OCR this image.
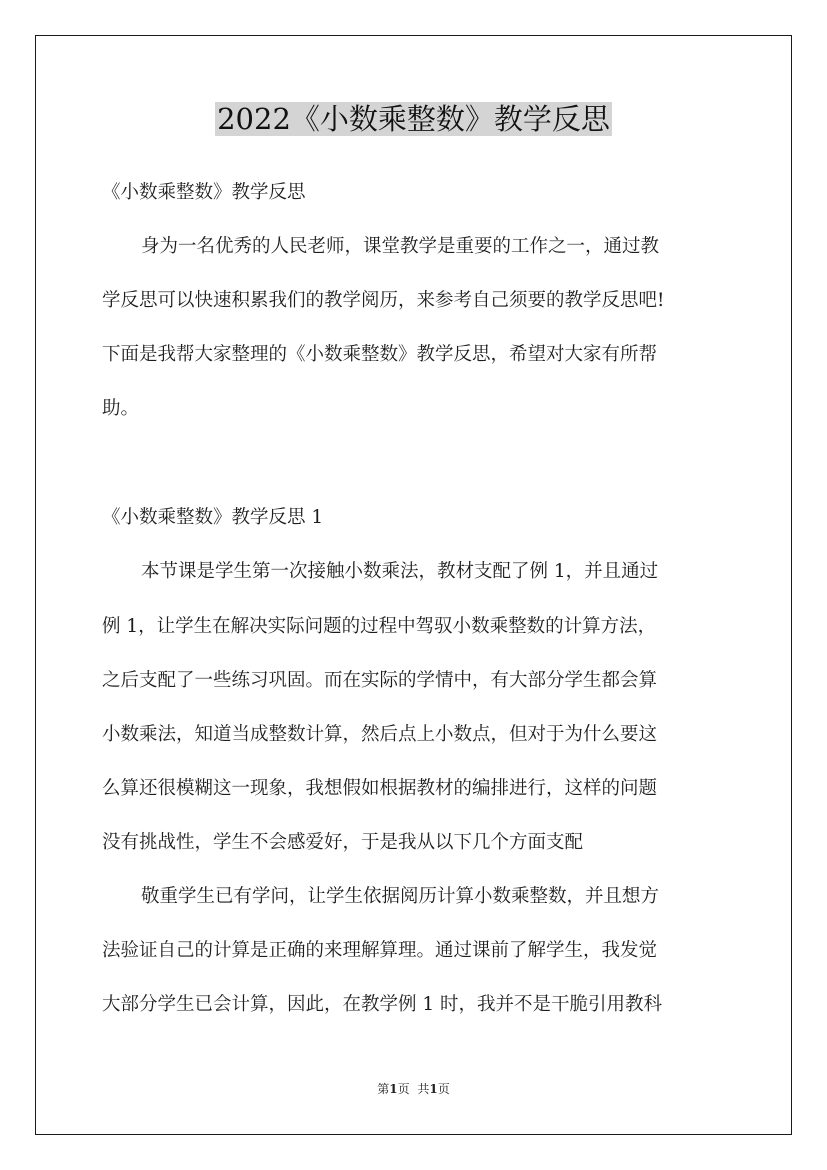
2022《小数乘整数》教学反思
《小数乘整数》教学反思
身为一名优秀的人民老师，课堂教学是重要的工作之一，通过教
学反思可以快速积累我们的教学阅历，来参考自己须要的教学反思吧!
下面是我帮大家整理的《小数乘整数》教学反思，希望对大家有所帮
助。
《小数乘整数》教学反思 1
本节课是学生第一次接触小数乘法，教材支配了例 1，并且通过
例 1，让学生在解决实际问题的过程中驾驭小数乘整数的计算方法，
之后支配了一些练习巩固。而在实际的学情中，有大部分学生都会算
小数乘法，知道当成整数计算，然后点上小数点，但对于为什么要这
么算还很模糊这一现象，我想假如根据教材的编排进行，这样的问题
没有挑战性，学生不会感爱好，于是我从以下几个方面支配
敬重学生已有学问，让学生依据阅历计算小数乘整数，并且想方
法验证自己的计算是正确的来理解算理。通过课前了解学生，我发觉
大部分学生已会计算，因此，在教学例 1 时，我并不是干脆引用教科
第1页 共1页
